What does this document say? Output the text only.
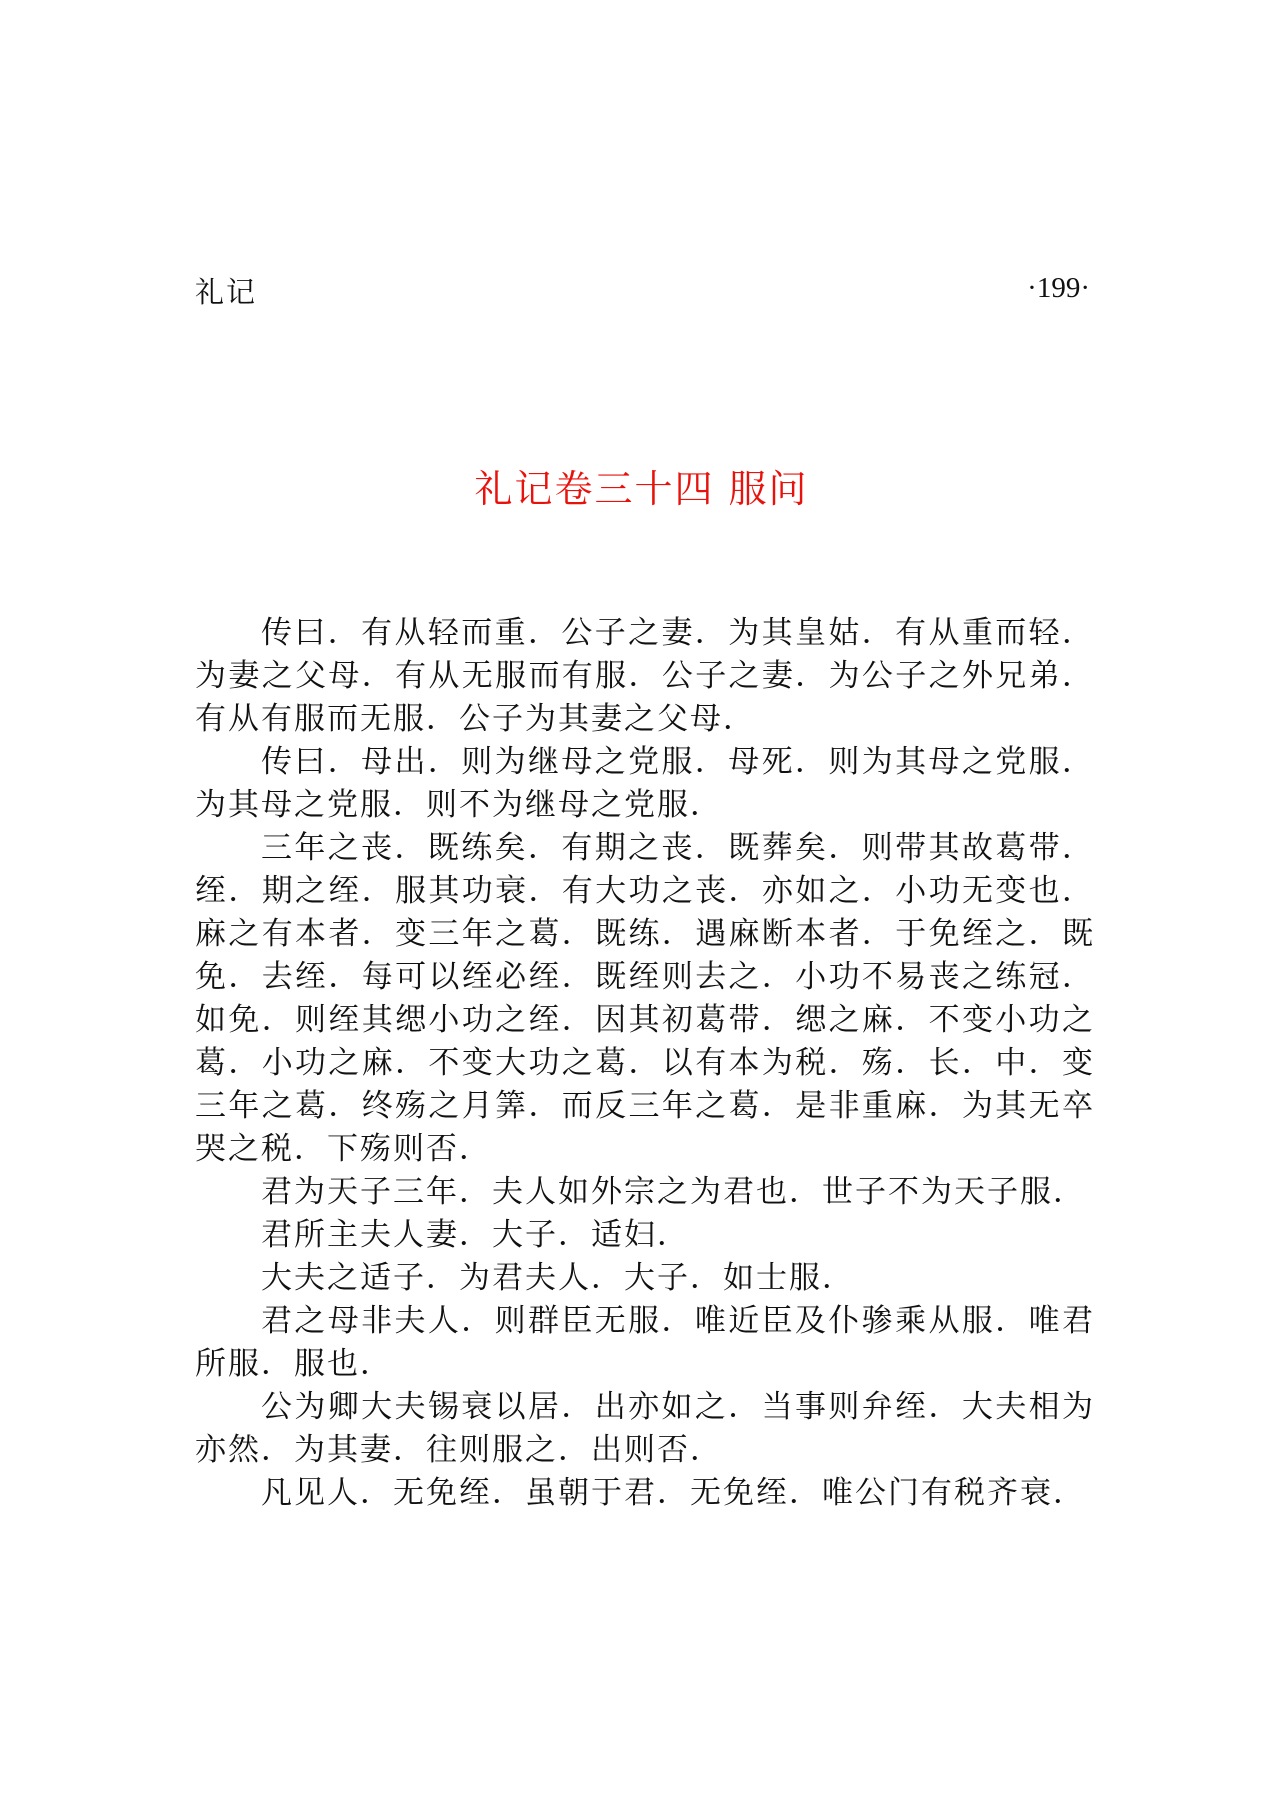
礼记	·199·
礼记卷三十四 服问

传曰．有从轻而重．公子之妻．为其皇姑．有从重而轻．为妻之父母．有从无服而有服．公子之妻．为公子之外兄弟．有从有服而无服．公子为其妻之父母．

传曰．母出．则为继母之党服．母死．则为其母之党服．为其母之党服．则不为继母之党服．

三年之丧．既练矣．有期之丧．既葬矣．则带其故葛带．绖．期之绖．服其功衰．有大功之丧．亦如之．小功无变也．麻之有本者．变三年之葛．既练．遇麻断本者．于免绖之．既免．去绖．每可以绖必绖．既绖则去之．小功不易丧之练冠．如免．则绖其缌小功之绖．因其初葛带．缌之麻．不变小功之葛．小功之麻．不变大功之葛．以有本为税．殇．长．中．变三年之葛．终殇之月筭．而反三年之葛．是非重麻．为其无卒哭之税．下殇则否．

君为天子三年．夫人如外宗之为君也．世子不为天子服．

君所主夫人妻．大子．适妇．

大夫之适子．为君夫人．大子．如士服．

君之母非夫人．则群臣无服．唯近臣及仆骖乘从服．唯君所服．服也．

公为卿大夫锡衰以居．出亦如之．当事则弁绖．大夫相为亦然．为其妻．往则服之．出则否．

凡见人．无免绖．虽朝于君．无免绖．唯公门有税齐衰．
